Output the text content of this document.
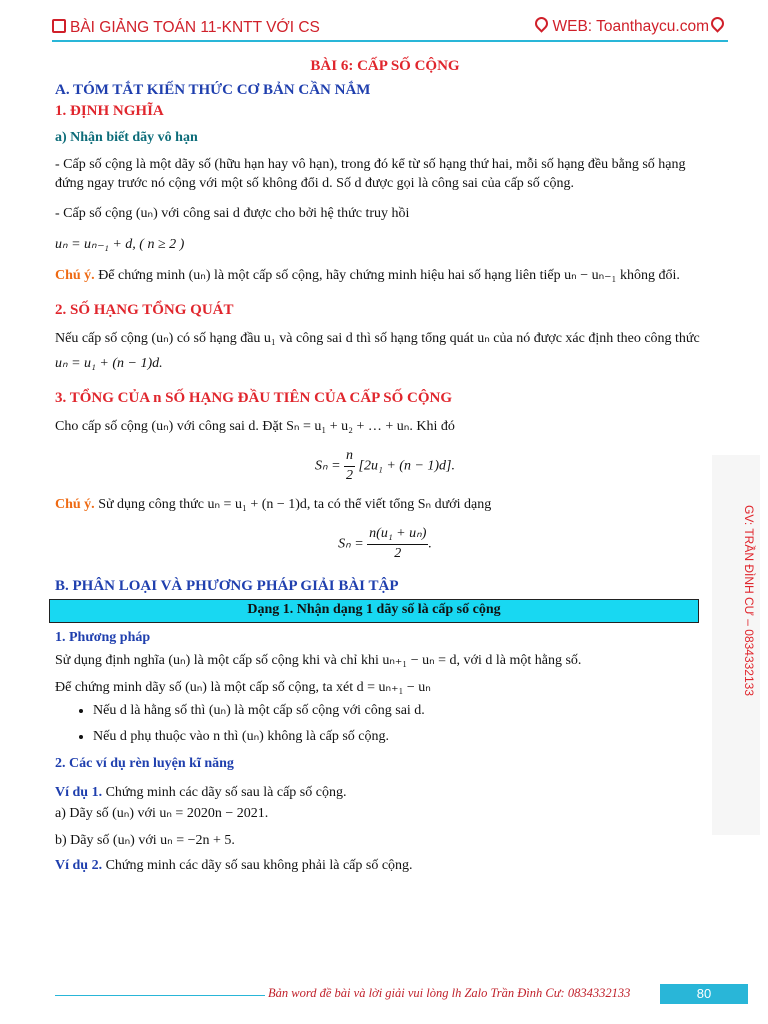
BÀI GIẢNG TOÁN 11-KNTT VỚI CS	WEB: Toanthaycu.com
GV: TRẦN ĐÌNH CƯ – 0834332133
BÀI 6: CẤP SỐ CỘNG
A. TÓM TẮT KIẾN THỨC CƠ BẢN CẦN NẮM
1. ĐỊNH NGHĨA
a) Nhận biết dãy vô hạn

- Cấp số cộng là một dãy số (hữu hạn hay vô hạn), trong đó kể từ số hạng thứ hai, mỗi số hạng đều bằng số hạng đứng ngay trước nó cộng với một số không đổi d. Số d được gọi là công sai của cấp số cộng.

- Cấp số cộng (uₙ) với công sai d được cho bởi hệ thức truy hồi

uₙ = uₙ₋₁ + d, ( n ≥ 2 )

Chú ý. Để chứng minh (uₙ) là một cấp số cộng, hãy chứng minh hiệu hai số hạng liên tiếp uₙ − uₙ₋₁ không đổi.

2. SỐ HẠNG TỔNG QUÁT

Nếu cấp số cộng (uₙ) có số hạng đầu u₁ và công sai d thì số hạng tổng quát uₙ của nó được xác định theo công thức

uₙ = u₁ + (n − 1)d.

3. TỔNG CỦA n SỐ HẠNG ĐẦU TIÊN CỦA CẤP SỐ CỘNG

Cho cấp số cộng (uₙ) với công sai d. Đặt Sₙ = u₁ + u₂ + … + uₙ. Khi đó

$S_n = \frac{n}{2} [2u_1 + (n - 1)d]$.

Chú ý. Sử dụng công thức uₙ = u₁ + (n − 1)d, ta có thể viết tổng Sₙ dưới dạng

$S_n = \frac{\text{n(u₁ + uₙ)}}{2}$ .
B. PHÂN LOẠI VÀ PHƯƠNG PHÁP GIẢI BÀI TẬP
Dạng 1. Nhận dạng 1 dãy số là cấp số cộng
1. Phương pháp

Sử dụng định nghĩa (uₙ) là một cấp số cộng khi và chỉ khi uₙ₊₁ − uₙ = d, với d là một hằng số.

Để chứng minh dãy số (uₙ) là một cấp số cộng, ta xét d = uₙ₊₁ − uₙ

• Nếu d là hằng số thì (uₙ) là một cấp số cộng với công sai d.
• Nếu d phụ thuộc vào n thì (uₙ) không là cấp số cộng.
2. Các ví dụ rèn luyện kĩ năng

Ví dụ 1. Chứng minh các dãy số sau là cấp số cộng.

a) Dãy số (uₙ) với uₙ = 2020n − 2021.

b) Dãy số (uₙ) với uₙ = −2n + 5.

Ví dụ 2. Chứng minh các dãy số sau không phải là cấp số cộng.

Bản word đề bài và lời giải vui lòng lh Zalo Trần Đình Cư: 0834332133	80
